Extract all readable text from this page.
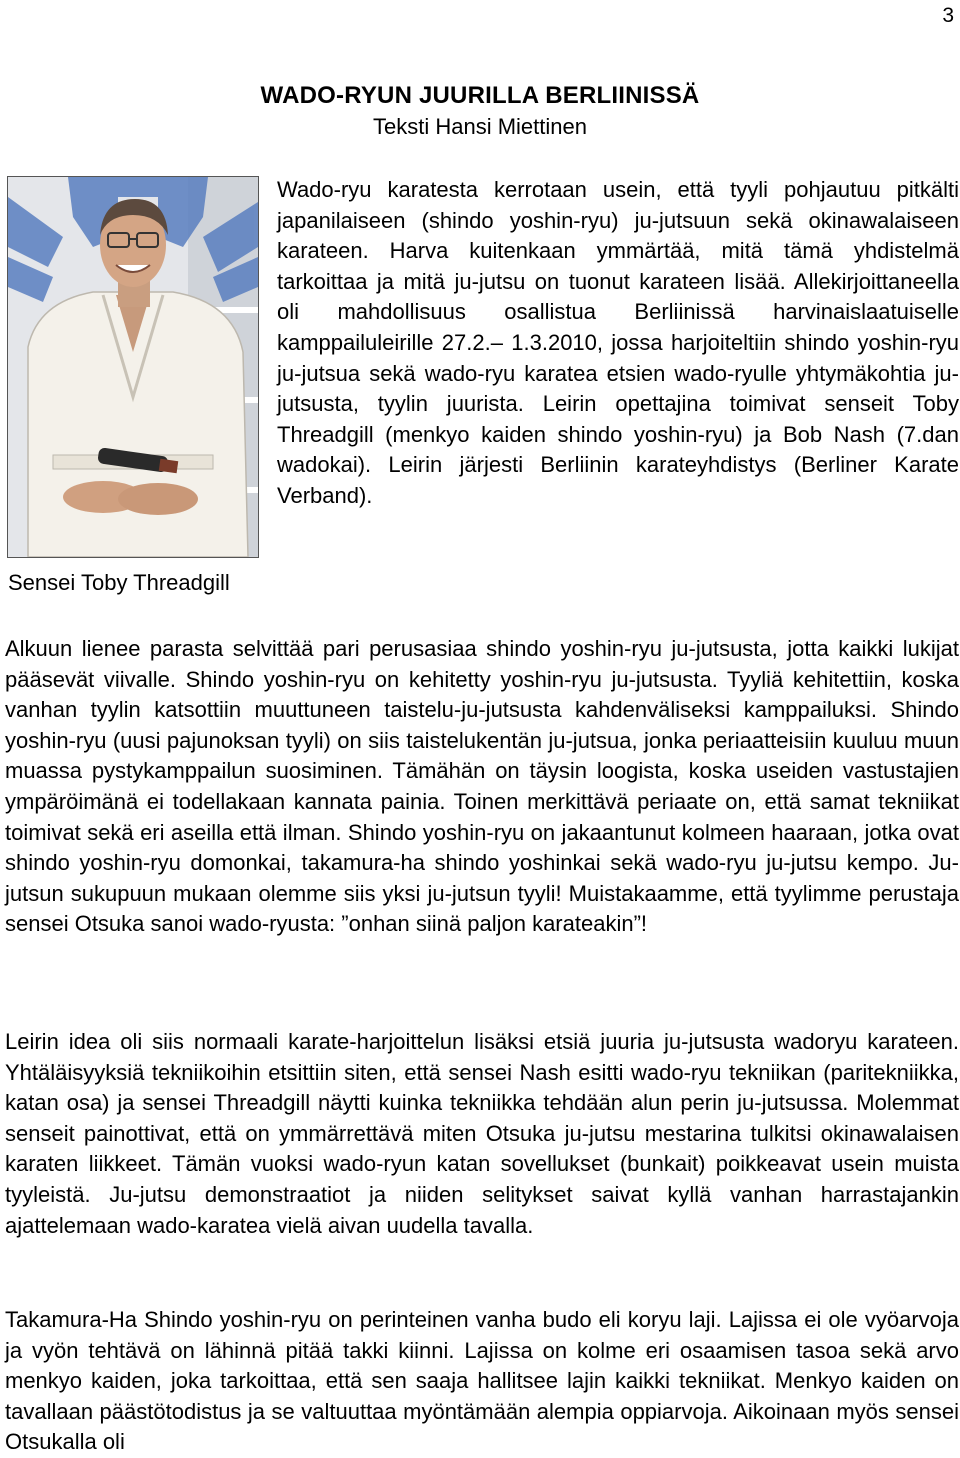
3
WADO-RYUN JUURILLA BERLIINISSÄ
Teksti Hansi Miettinen
Sensei Toby Threadgill

Wado-ryu karatesta kerrotaan usein, että tyyli pohjautuu pitkälti japanilaiseen (shindo yoshin-ryu) ju-jutsuun sekä okinawalaiseen karateen. Harva kuitenkaan ymmärtää, mitä tämä yhdistelmä tarkoittaa ja mitä ju-jutsu on tuonut karateen lisää. Allekirjoittaneella oli mahdollisuus osallistua Berliinissä harvinaislaatuiselle kamppailuleirille 27.2.– 1.3.2010, jossa harjoiteltiin shindo yoshin-ryu ju-jutsua sekä wado-ryu karatea etsien wado-ryulle yhtymäkohtia ju-jutsusta, tyylin juurista. Leirin opettajina toimivat senseit Toby Threadgill (menkyo kaiden shindo yoshin-ryu) ja Bob Nash (7.dan wadokai). Leirin järjesti Berliinin karateyhdistys (Berliner Karate Verband).

Alkuun lienee parasta selvittää pari perusasiaa shindo yoshin-ryu ju-jutsusta, jotta kaikki lukijat pääsevät viivalle. Shindo yoshin-ryu on kehitetty yoshin-ryu ju-jutsusta. Tyyliä kehitettiin, koska vanhan tyylin katsottiin muuttuneen taistelu-ju-jutsusta kahdenväliseksi kamppailuksi. Shindo yoshin-ryu (uusi pajunoksan tyyli) on siis taistelukentän ju-jutsua, jonka periaatteisiin kuuluu muun muassa pystykamppailun suosiminen. Tämähän on täysin loogista, koska useiden vastustajien ympäröimänä ei todellakaan kannata painia. Toinen merkittävä periaate on, että samat tekniikat toimivat sekä eri aseilla että ilman. Shindo yoshin-ryu on jakaantunut kolmeen haaraan, jotka ovat shindo yoshin-ryu domonkai, takamura-ha shindo yoshinkai sekä wado-ryu ju-jutsu kempo. Ju-jutsun sukupuun mukaan olemme siis yksi ju-jutsun tyyli! Muistakaamme, että tyylimme perustaja sensei Otsuka sanoi wado-ryusta: ”onhan siinä paljon karateakin”!

Leirin idea oli siis normaali karate-harjoittelun lisäksi etsiä juuria ju-jutsusta wadoryu karateen. Yhtäläisyyksiä tekniikoihin etsittiin siten, että sensei Nash esitti wado-ryu tekniikan (paritekniikka, katan osa) ja sensei Threadgill näytti kuinka tekniikka tehdään alun perin ju-jutsussa. Molemmat senseit painottivat, että on ymmärrettävä miten Otsuka ju-jutsu mestarina tulkitsi okinawalaisen karaten liikkeet. Tämän vuoksi wado-ryun katan sovellukset (bunkait) poikkeavat usein muista tyyleistä. Ju-jutsu demonstraatiot ja niiden selitykset saivat kyllä vanhan harrastajankin ajattelemaan wado-karatea vielä aivan uudella tavalla.

Takamura-Ha Shindo yoshin-ryu on perinteinen vanha budo eli koryu laji. Lajissa ei ole vyöarvoja ja vyön tehtävä on lähinnä pitää takki kiinni. Lajissa on kolme eri osaamisen tasoa sekä arvo menkyo kaiden, joka tarkoittaa, että sen saaja hallitsee lajin kaikki tekniikat. Menkyo kaiden on tavallaan päästötodistus ja se valtuuttaa myöntämään alempia oppiarvoja. Aikoinaan myös sensei Otsukalla oli
